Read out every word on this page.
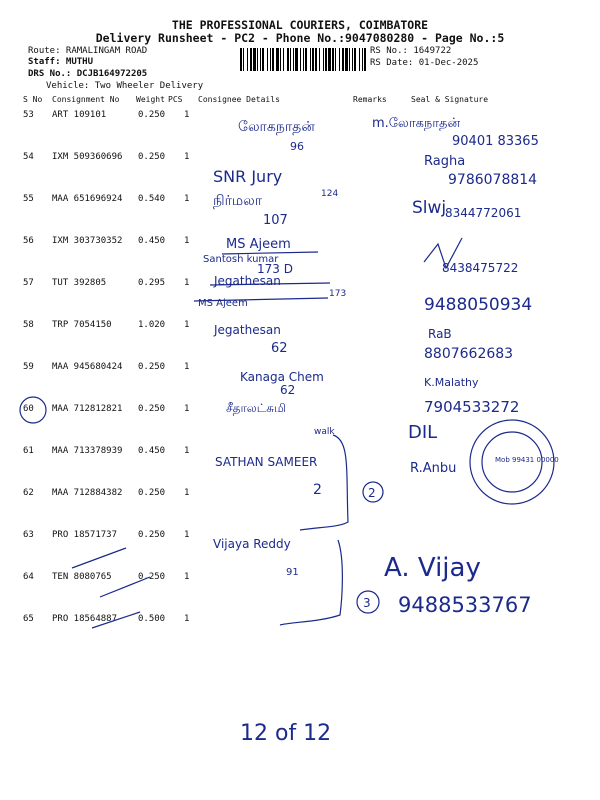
THE PROFESSIONAL COURIERS, COIMBATORE
Delivery Runsheet - PC2 - Phone No.:9047080280 - Page No.:5
Route: RAMALINGAM ROAD
Staff: MUTHU
DRS No.: DCJB164972205
Vehicle: Two Wheeler Delivery
RS No.: 1649722
RS Date: 01-Dec-2025
S No Consignment No Weight PCS Consignee Details	Remarks	Seal & Signature
53 ART 109101	0.250 1
54 IXM 509360696 0.250 1
55 MAA 651696924 0.540 1
56 IXM 303730352 0.450 1
57 TUT 392805	0.295 1
58 TRP 7054150	1.020 1
59 MAA 945680424 0.250 1
60 MAA 712812821 0.250 1
61 MAA 713378939 0.450 1
62 MAA 712884382 0.250 1
63 PRO 18571737 0.250 1
64 TEN 8080765	0.250 1
65 PRO 18564887 0.500 1
லோகநாதன்
96
m.லோகநாதன்
90401 83365
SNR Jury
Ragha
9786078814
நிர்மலா	124
107
Slwj
8344772061
MS Ajeem
Santosh kumar
173 D	8438475722
Jegathesan
MS Ajeem
173
9488050934
Jegathesan
62
RaB
8807662683
Kanaga Chem
62
K.Malathy
சீதாலட்சுமி	7904533272
walk	DIL
SATHAN SAMEER
2	2
R.Anbu
Mob 99431 00000
Vijaya Reddy
91	A. Vijay
3 9488533767
12 of 12
